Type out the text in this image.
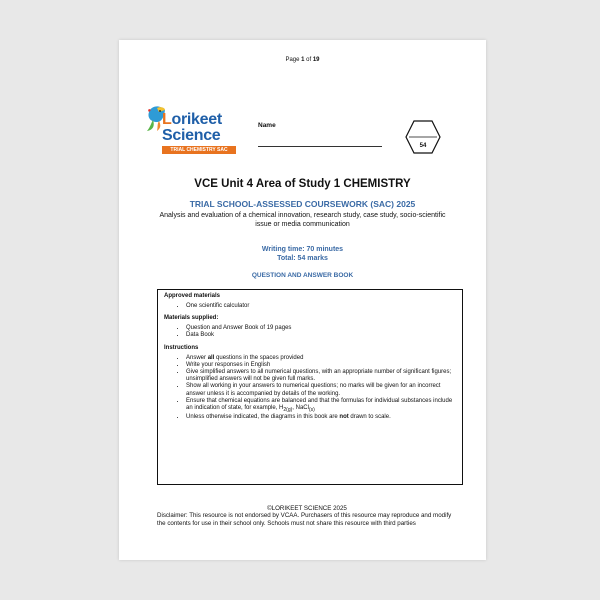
Page 1 of 19
Lorikeet
Science
TRIAL CHEMISTRY SAC
Name
54
VCE Unit 4 Area of Study 1 CHEMISTRY
TRIAL SCHOOL-ASSESSED COURSEWORK (SAC) 2025
Analysis and evaluation of a chemical innovation, research study, case study, socio-scientific issue or media communication
Writing time: 70 minutes
Total: 54 marks
QUESTION AND ANSWER BOOK
Approved materials
• One scientific calculator
Materials supplied:
• Question and Answer Book of 19 pages
• Data Book
Instructions
• Answer all questions in the spaces provided
• Write your responses in English
• Give simplified answers to all numerical questions, with an appropriate number of significant figures; unsimplified answers will not be given full marks.
• Show all working in your answers to numerical questions; no marks will be given for an incorrect answer unless it is accompanied by details of the working.
• Ensure that chemical equations are balanced and that the formulas for individual substances include an indication of state, for example, $H_{2(g)}$, NaCl$_{(s)}$
• Unless otherwise indicated, the diagrams in this book are not drawn to scale.
©LORIKEET SCIENCE 2025
Disclaimer: This resource is not endorsed by VCAA. Purchasers of this resource may reproduce and modify the contents for use in their school only. Schools must not share this resource with third parties
